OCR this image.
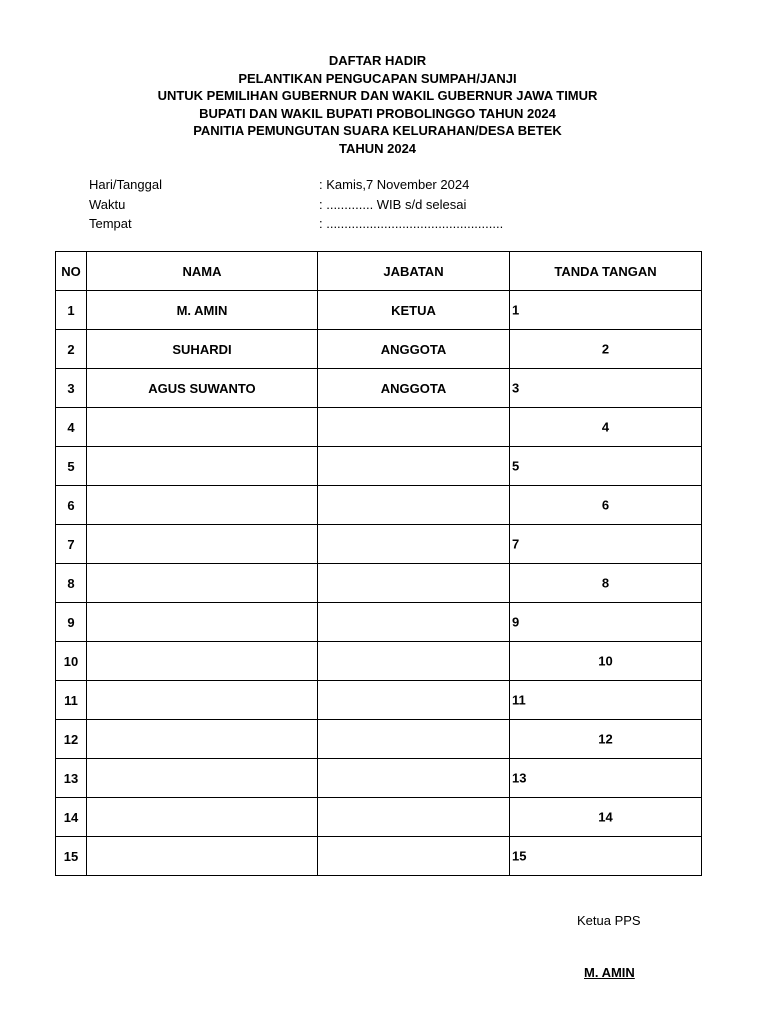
DAFTAR HADIR
PELANTIKAN PENGUCAPAN SUMPAH/JANJI
UNTUK PEMILIHAN GUBERNUR DAN WAKIL GUBERNUR JAWA TIMUR
BUPATI DAN WAKIL BUPATI PROBOLINGGO TAHUN 2024
PANITIA PEMUNGUTAN SUARA KELURAHAN/DESA BETEK
TAHUN 2024
Hari/Tanggal	: Kamis,7 November 2024
Waktu	: ............. WIB s/d selesai
Tempat	: .................................................
NO	NAMA	JABATAN	TANDA TANGAN
1	M. AMIN	KETUA	1

2	SUHARDI	ANGGOTA	2

3	AGUS SUWANTO	ANGGOTA	3

4			4

5			5

6			6

7			7

8			8

9			9

10			10

11			11

12			12

13			13

14			14

15			15
Ketua PPS
M. AMIN
